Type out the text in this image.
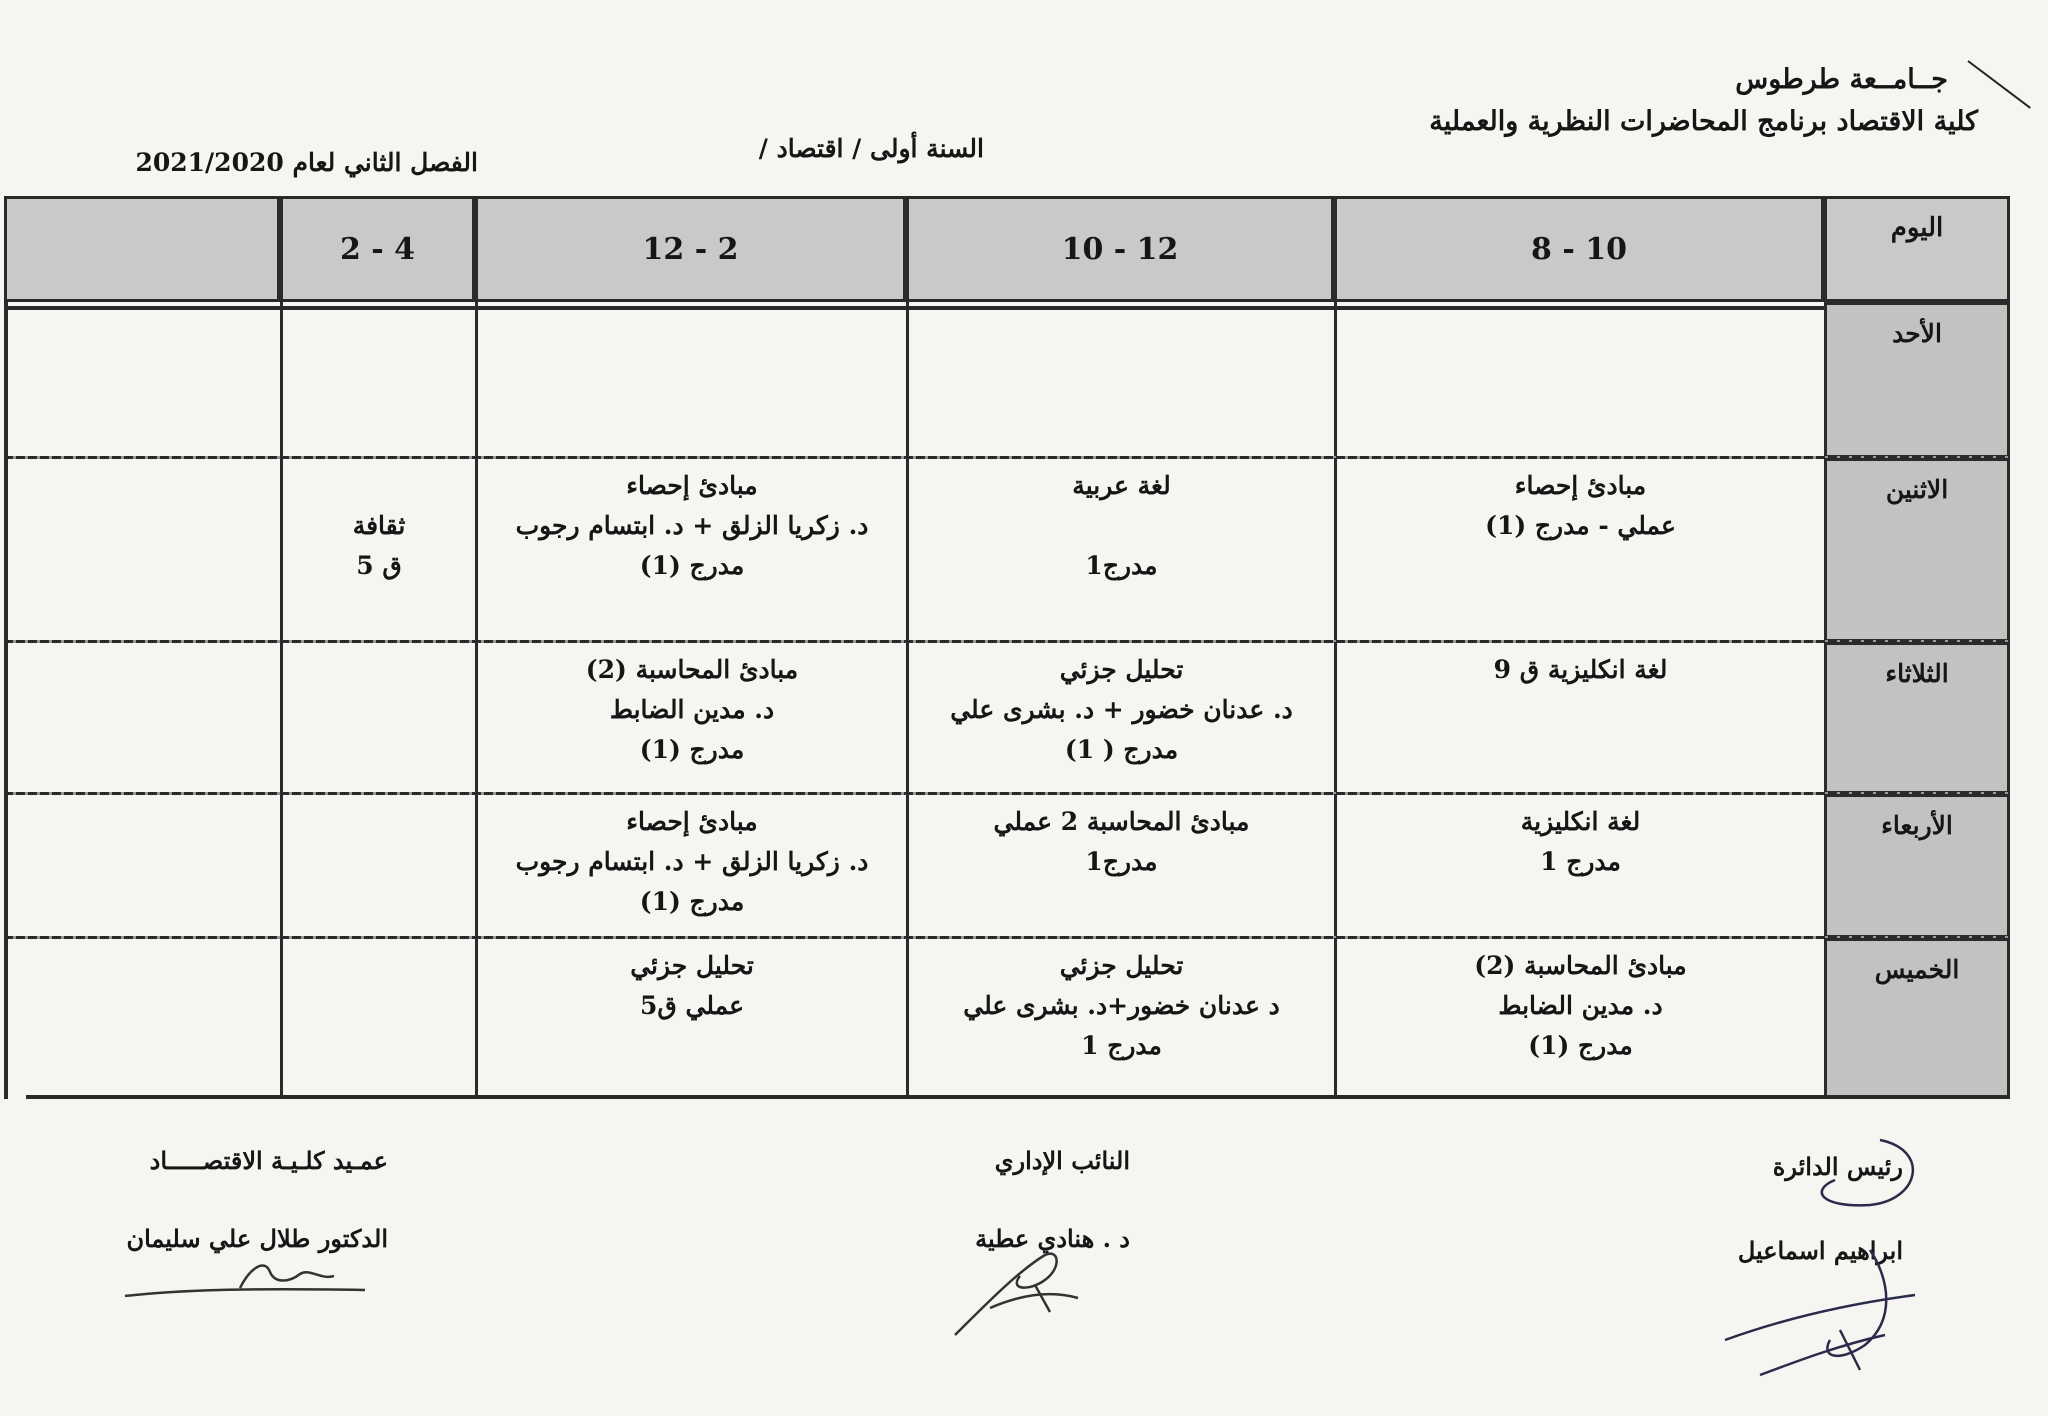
جــامــعة طرطوس
كلية الاقتصاد برنامج المحاضرات النظرية والعملية
السنة أولى / اقتصاد /
الفصل الثاني لعام 2021/2020
اليوم
8 - 10
10 - 12
12 - 2
2 - 4
الأحد
الاثنين
مبادئ إحصاء
عملي - مدرج (1)
لغة عربية

مدرج1
مبادئ إحصاء
د. زكريا الزلق + د. ابتسام رجوب
مدرج (1)

ثقافة
ق 5
الثلاثاء
لغة انكليزية ق 9
تحليل جزئي
د. عدنان خضور + د. بشرى علي
مدرج ( 1)
مبادئ المحاسبة (2)
د. مدين الضابط
مدرج (1)
الأربعاء
لغة انكليزية
مدرج 1
مبادئ المحاسبة 2 عملي
مدرج1
مبادئ إحصاء
د. زكريا الزلق + د. ابتسام رجوب
مدرج (1)
الخميس
مبادئ المحاسبة (2)
د. مدين الضابط
مدرج (1)
تحليل جزئي
د عدنان خضور+د. بشرى علي
مدرج 1
تحليل جزئي
عملي ق5
عمـيد كلـيـة الاقتصـــــاد
الدكتور طلال علي سليمان
النائب الإداري
د . هنادي عطية
رئيس الدائرة
ابراهيم اسماعيل
